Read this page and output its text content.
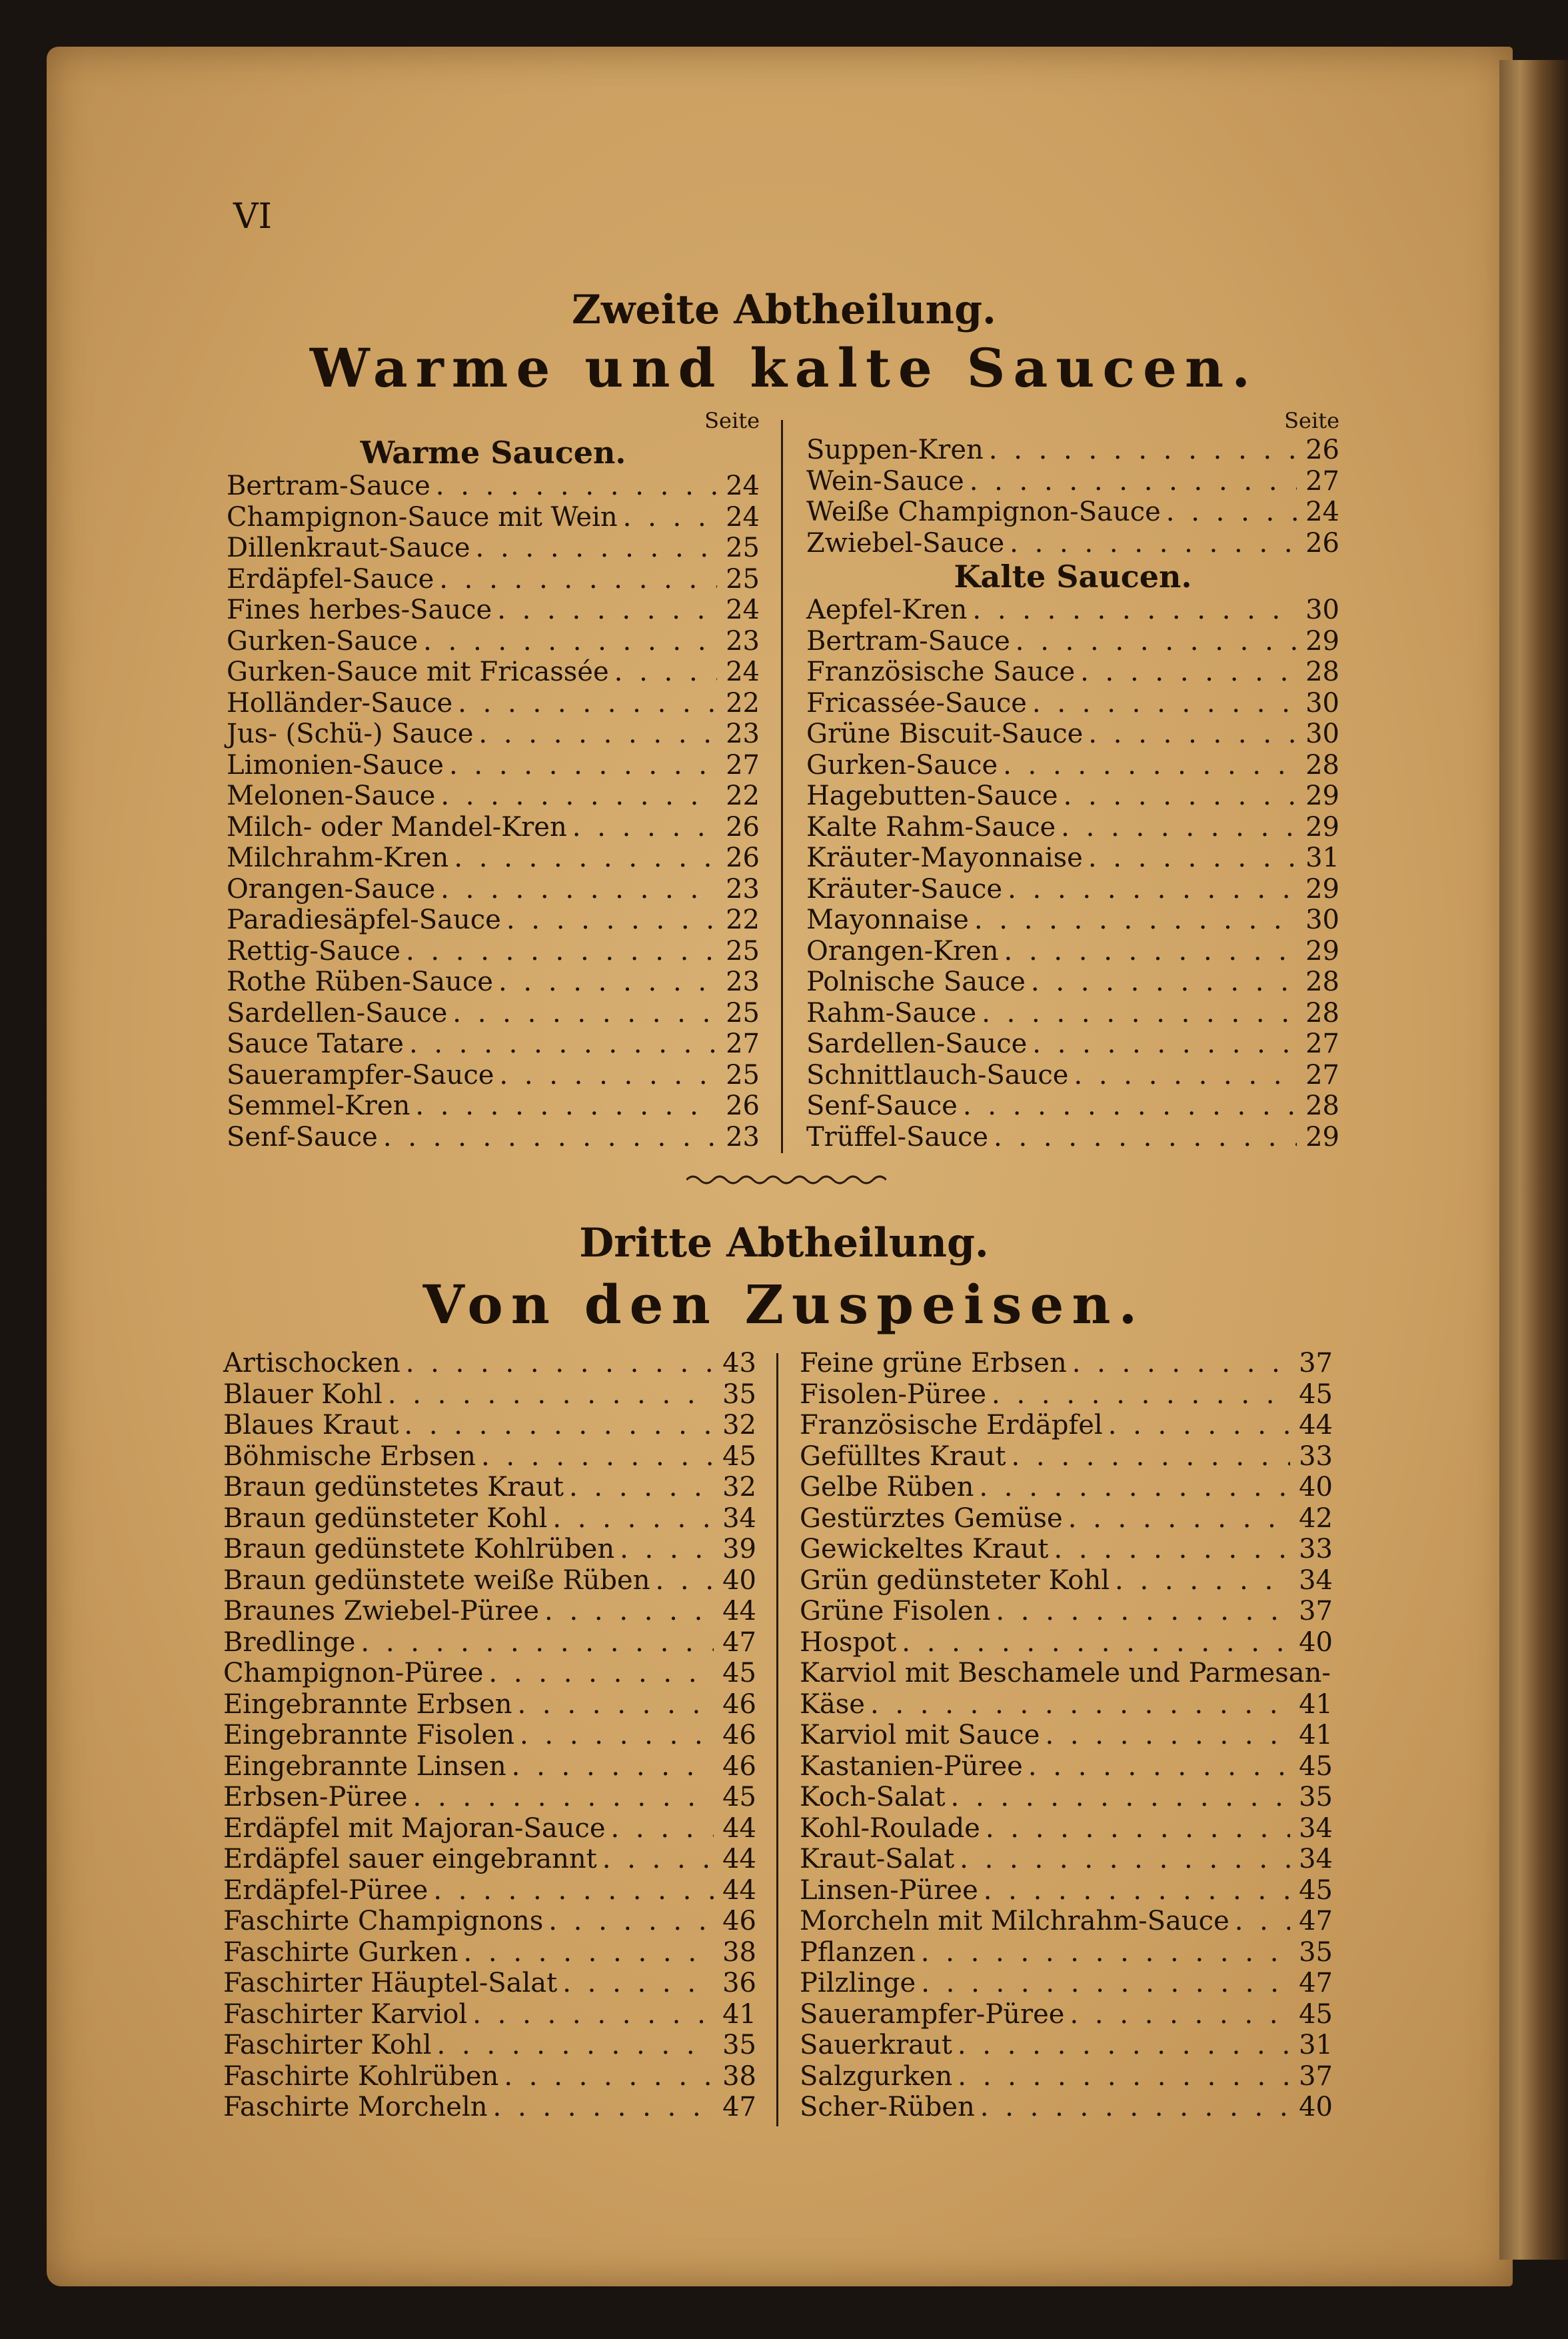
VI
Zweite Abtheilung.
Warme und kalte Saucen.
Seite
Warme Saucen.
Bertram-Sauce . . .	24
Champignon-Sauce mit Wein . . .	24
Dillenkraut-Sauce . . .	25
Erdäpfel-Sauce . . .	25
Fines herbes-Sauce . . .	24
Gurken-Sauce . . .	23
Gurken-Sauce mit Fricassée . . .	24
Holländer-Sauce . . .	22
Jus- (Schü-) Sauce . . .	23
Limonien-Sauce . . .	27
Melonen-Sauce . . .	22
Milch- oder Mandel-Kren . . .	26
Milchrahm-Kren . . .	26
Orangen-Sauce . . .	23
Paradiesäpfel-Sauce . . .	22
Rettig-Sauce . . .	25
Rothe Rüben-Sauce . . .	23
Sardellen-Sauce . . .	25
Sauce Tatare . . .	27
Sauerampfer-Sauce . . .	25
Semmel-Kren . . .	26
Senf-Sauce . . .	23
Seite
Suppen-Kren . . .	26
Wein-Sauce . . .	27
Weiße Champignon-Sauce . . .	24
Zwiebel-Sauce . . .	26
Kalte Saucen.
Aepfel-Kren . . .	30
Bertram-Sauce . . .	29
Französische Sauce . . .	28
Fricassée-Sauce . . .	30
Grüne Biscuit-Sauce . . .	30
Gurken-Sauce . . .	28
Hagebutten-Sauce . . .	29
Kalte Rahm-Sauce . . .	29
Kräuter-Mayonnaise . . .	31
Kräuter-Sauce . . .	29
Mayonnaise . . .	30
Orangen-Kren . . .	29
Polnische Sauce . . .	28
Rahm-Sauce . . .	28
Sardellen-Sauce . . .	27
Schnittlauch-Sauce . . .	27
Senf-Sauce . . .	28
Trüffel-Sauce . . .	29
Dritte Abtheilung.
Von den Zuspeisen.
Artischocken . . .	43
Blauer Kohl . . .	35
Blaues Kraut . . .	32
Böhmische Erbsen . . .	45
Braun gedünstetes Kraut . . .	32
Braun gedünsteter Kohl . . .	34
Braun gedünstete Kohlrüben . . .	39
Braun gedünstete weiße Rüben . . .	40
Braunes Zwiebel-Püree . . .	44
Bredlinge . . .	47
Champignon-Püree . . .	45
Eingebrannte Erbsen . . .	46
Eingebrannte Fisolen . . .	46
Eingebrannte Linsen . . .	46
Erbsen-Püree . . .	45
Erdäpfel mit Majoran-Sauce . . .	44
Erdäpfel sauer eingebrannt . . .	44
Erdäpfel-Püree . . .	44
Faschirte Champignons . . .	46
Faschirte Gurken . . .	38
Faschirter Häuptel-Salat . . .	36
Faschirter Karviol . . .	41
Faschirter Kohl . . .	35
Faschirte Kohlrüben . . .	38
Faschirte Morcheln . . .	47
Feine grüne Erbsen . . .	37
Fisolen-Püree . . .	45
Französische Erdäpfel . . .	44
Gefülltes Kraut . . .	33
Gelbe Rüben . . .	40
Gestürztes Gemüse . . .	42
Gewickeltes Kraut . . .	33
Grün gedünsteter Kohl . . .	34
Grüne Fisolen . . .	37
Hospot . . .	40
Karviol mit Beschamele und Parmesan-
Käse . . .	41
Karviol mit Sauce . . .	41
Kastanien-Püree . . .	45
Koch-Salat . . .	35
Kohl-Roulade . . .	34
Kraut-Salat . . .	34
Linsen-Püree . . .	45
Morcheln mit Milchrahm-Sauce . . .	47
Pflanzen . . .	35
Pilzlinge . . .	47
Sauerampfer-Püree . . .	45
Sauerkraut . . .	31
Salzgurken . . .	37
Scher-Rüben . . .	40
